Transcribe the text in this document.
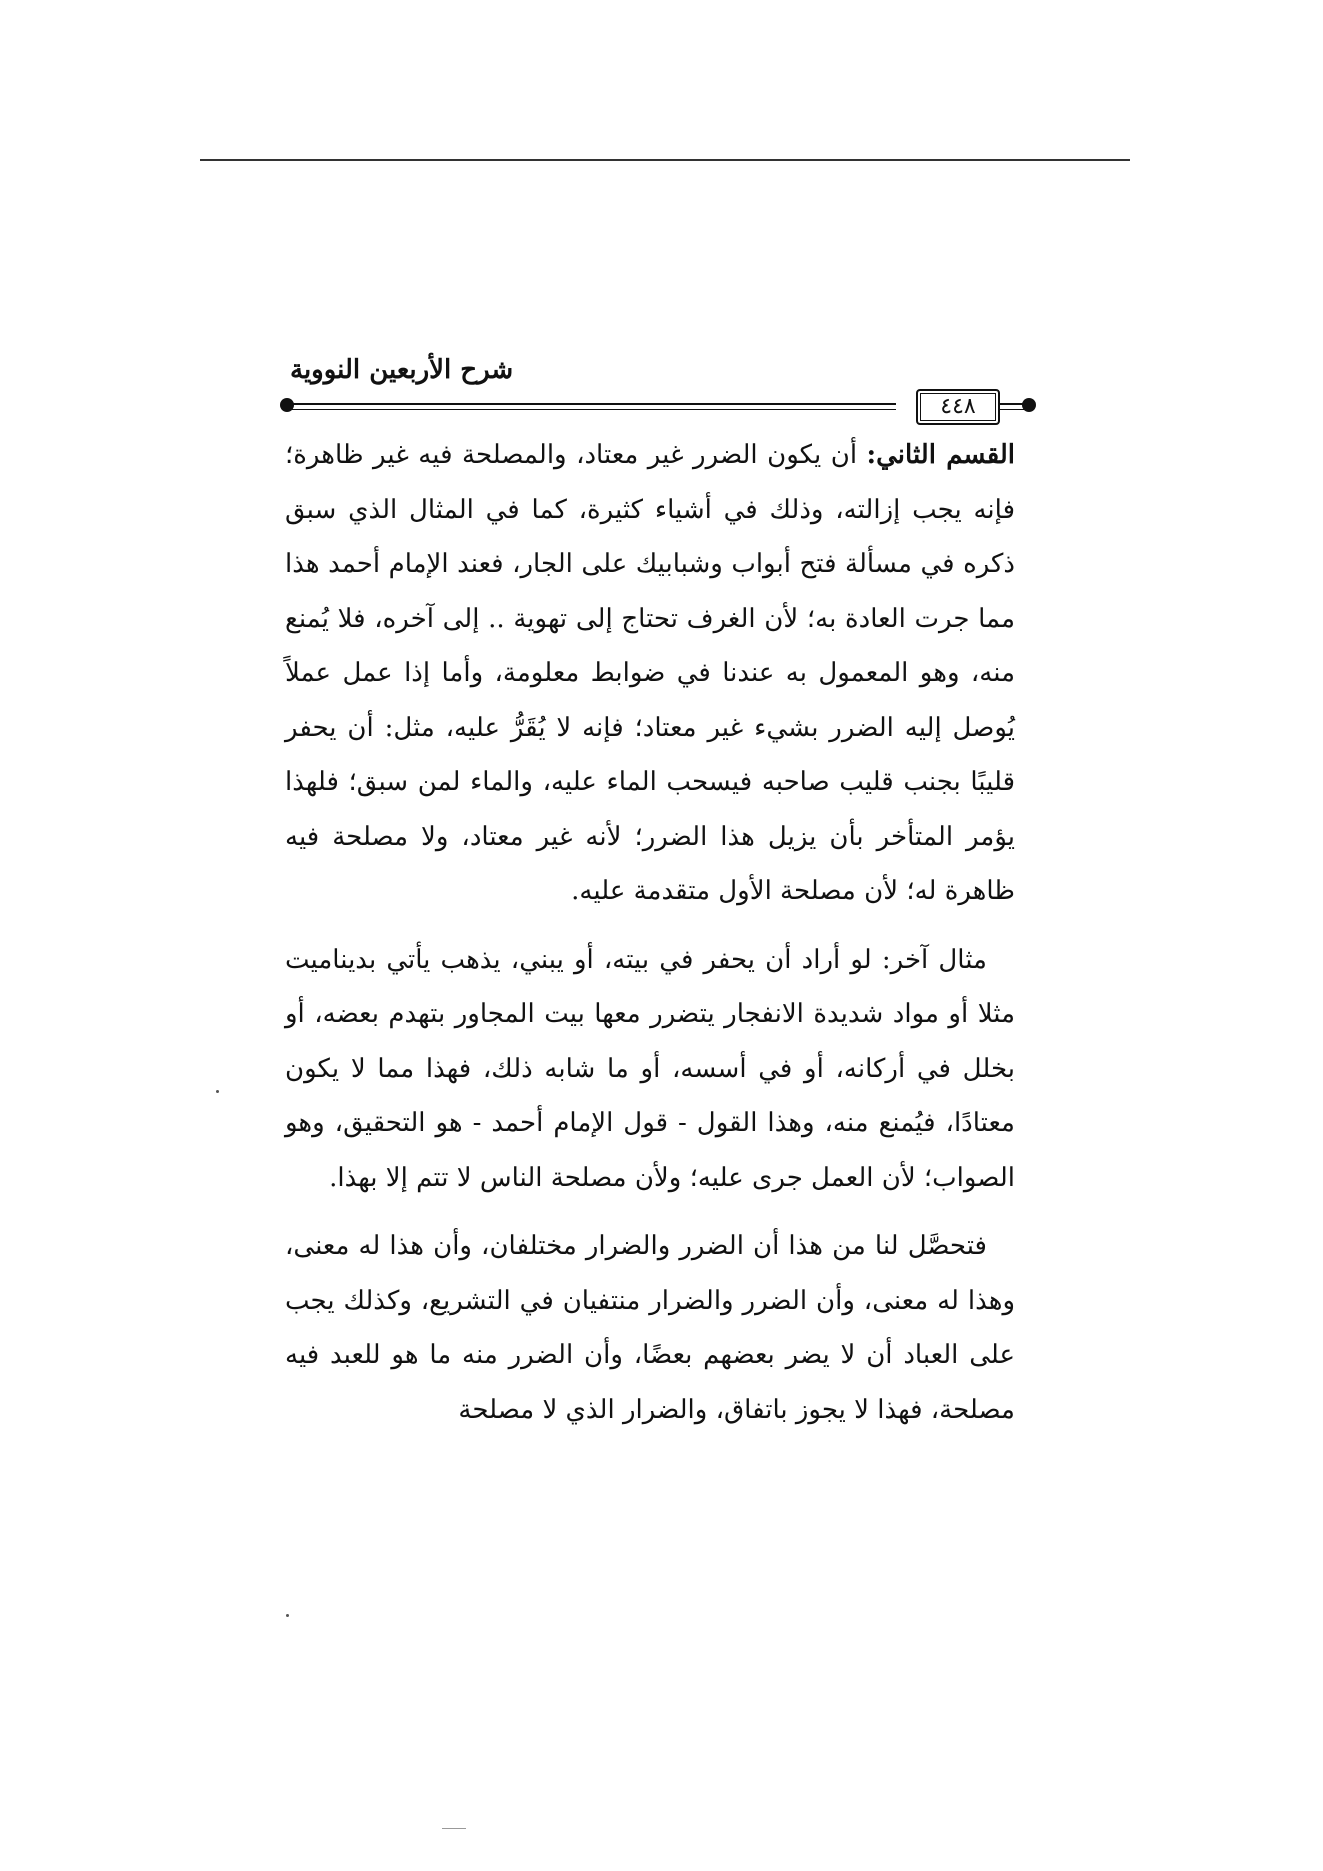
شرح الأربعين النووية
٤٤٨

القسم الثاني: أن يكون الضرر غير معتاد، والمصلحة فيه غير ظاهرة؛ فإنه يجب إزالته، وذلك في أشياء كثيرة، كما في المثال الذي سبق ذكره في مسألة فتح أبواب وشبابيك على الجار، فعند الإمام أحمد هذا مما جرت العادة به؛ لأن الغرف تحتاج إلى تهوية .. إلى آخره، فلا يُمنع منه، وهو المعمول به عندنا في ضوابط معلومة، وأما إذا عمل عملاً يُوصل إليه الضرر بشيء غير معتاد؛ فإنه لا يُقَرُّ عليه، مثل: أن يحفر قليبًا بجنب قليب صاحبه فيسحب الماء عليه، والماء لمن سبق؛ فلهذا يؤمر المتأخر بأن يزيل هذا الضرر؛ لأنه غير معتاد، ولا مصلحة فيه ظاهرة له؛ لأن مصلحة الأول متقدمة عليه.

مثال آخر: لو أراد أن يحفر في بيته، أو يبني، يذهب يأتي بديناميت مثلا أو مواد شديدة الانفجار يتضرر معها بيت المجاور بتهدم بعضه، أو بخلل في أركانه، أو في أسسه، أو ما شابه ذلك، فهذا مما لا يكون معتادًا، فيُمنع منه، وهذا القول - قول الإمام أحمد - هو التحقيق، وهو الصواب؛ لأن العمل جرى عليه؛ ولأن مصلحة الناس لا تتم إلا بهذا.

فتحصَّل لنا من هذا أن الضرر والضرار مختلفان، وأن هذا له معنى، وهذا له معنى، وأن الضرر والضرار منتفيان في التشريع، وكذلك يجب على العباد أن لا يضر بعضهم بعضًا، وأن الضرر منه ما هو للعبد فيه مصلحة، فهذا لا يجوز باتفاق، والضرار الذي لا مصلحة
